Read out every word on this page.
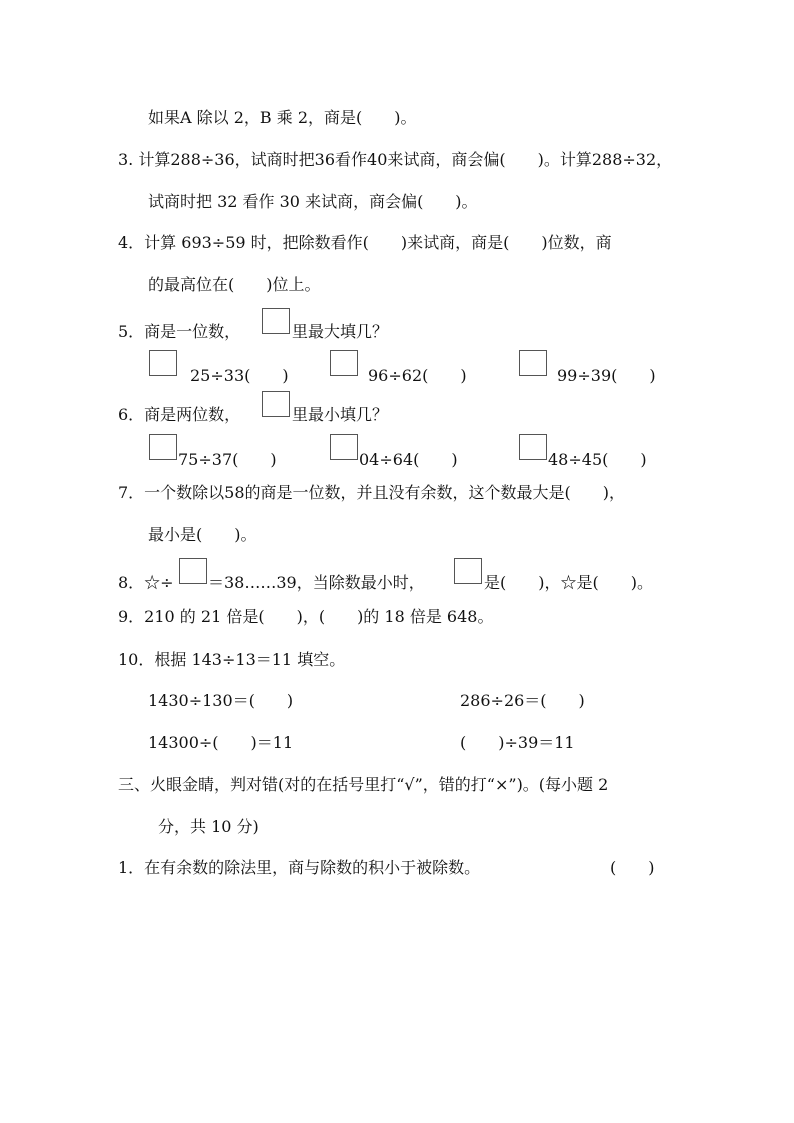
如果A 除以 2，B 乘 2，商是(　　)。
3. 计算288÷36，试商时把36看作40来试商，商会偏(　　)。计算288÷32，
试商时把 32 看作 30 来试商，商会偏(　　)。
4．计算 693÷59 时，把除数看作(　　)来试商，商是(　　)位数，商
的最高位在(　　)位上。
5．商是一位数，	里最大填几？
25÷33(　　)	96÷62(　　)	99÷39(　　)
6．商是两位数，	里最小填几？
75÷37(　　)	04÷64(　　)	48÷45(　　)
7．一个数除以58的商是一位数，并且没有余数，这个数最大是(　　)，
最小是(　　)。
8．☆÷ ＝38……39，当除数最小时，	是(　　)，☆是(　　)。
9．210 的 21 倍是(　　)，(　　)的 18 倍是 648。
10．根据 143÷13＝11 填空。
1430÷130＝(　　)	286÷26＝(　　)
14300÷(　　)＝11	(　　)÷39＝11
三、火眼金睛，判对错(对的在括号里打“√”，错的打“×”)。(每小题 2
分，共 10 分)
1．在有余数的除法里，商与除数的积小于被除数。	(　　)
